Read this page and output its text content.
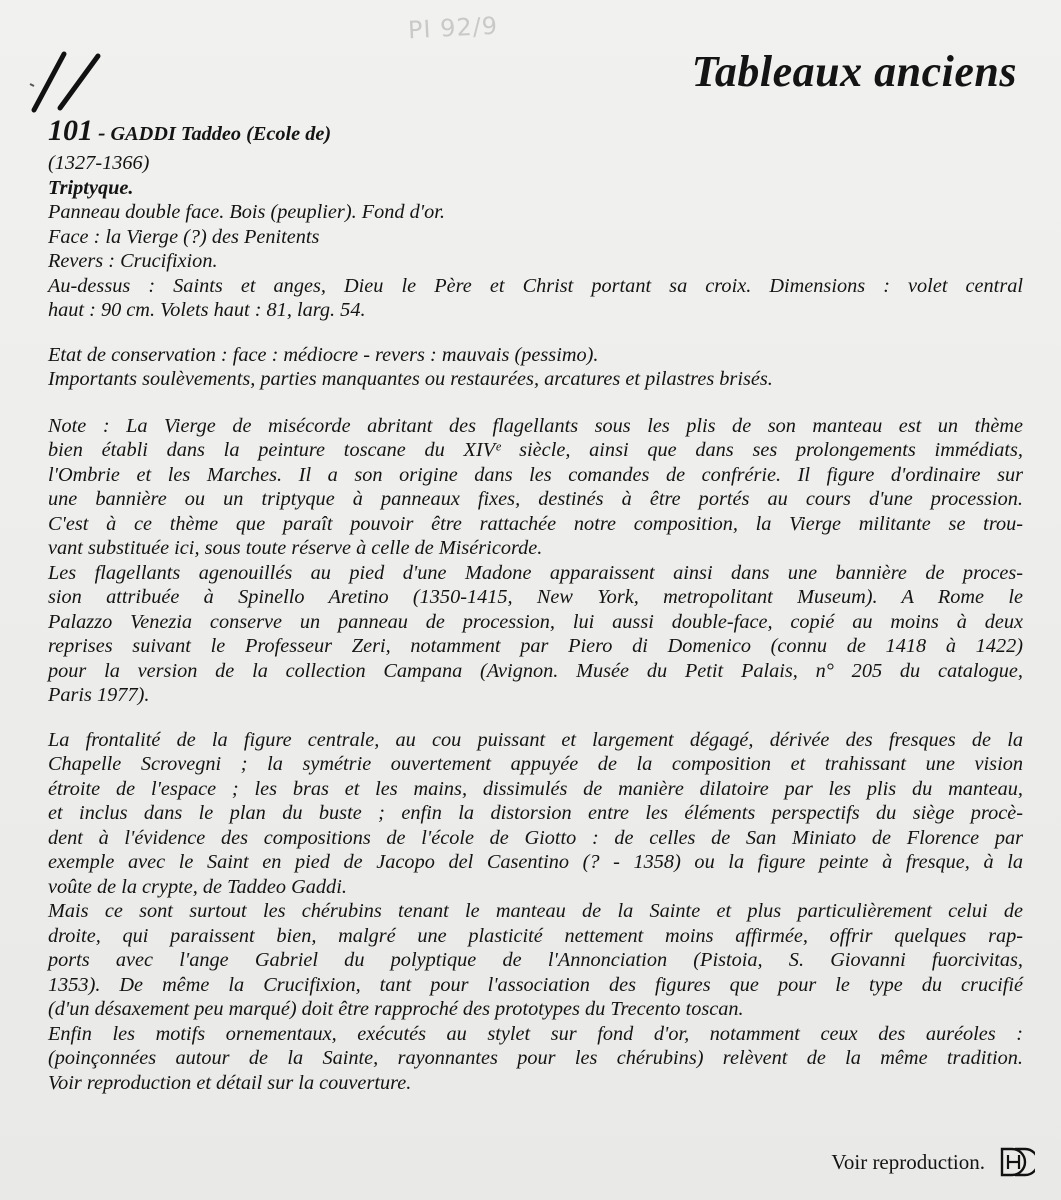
PI 92/9
Tableaux anciens
101 - GADDI Taddeo (Ecole de)
(1327-1366)
Triptyque.
Panneau double face. Bois (peuplier). Fond d'or.
Face : la Vierge (?) des Penitents
Revers : Crucifixion.
Au-dessus : Saints et anges, Dieu le Père et Christ portant sa croix. Dimensions : volet central
haut : 90 cm. Volets haut : 81, larg. 54.
Etat de conservation : face : médiocre - revers : mauvais (pessimo).
Importants soulèvements, parties manquantes ou restaurées, arcatures et pilastres brisés.
Note : La Vierge de misécorde abritant des flagellants sous les plis de son manteau est un thème
bien établi dans la peinture toscane du XIVᵉ siècle, ainsi que dans ses prolongements immédiats,
l'Ombrie et les Marches. Il a son origine dans les comandes de confrérie. Il figure d'ordinaire sur
une bannière ou un triptyque à panneaux fixes, destinés à être portés au cours d'une procession.
C'est à ce thème que paraît pouvoir être rattachée notre composition, la Vierge militante se trou-
vant substituée ici, sous toute réserve à celle de Miséricorde.
Les flagellants agenouillés au pied d'une Madone apparaissent ainsi dans une bannière de proces-
sion attribuée à Spinello Aretino (1350-1415, New York, metropolitant Museum). A Rome le
Palazzo Venezia conserve un panneau de procession, lui aussi double-face, copié au moins à deux
reprises suivant le Professeur Zeri, notamment par Piero di Domenico (connu de 1418 à 1422)
pour la version de la collection Campana (Avignon. Musée du Petit Palais, n° 205 du catalogue,
Paris 1977).
La frontalité de la figure centrale, au cou puissant et largement dégagé, dérivée des fresques de la
Chapelle Scrovegni ; la symétrie ouvertement appuyée de la composition et trahissant une vision
étroite de l'espace ; les bras et les mains, dissimulés de manière dilatoire par les plis du manteau,
et inclus dans le plan du buste ; enfin la distorsion entre les éléments perspectifs du siège procè-
dent à l'évidence des compositions de l'école de Giotto : de celles de San Miniato de Florence par
exemple avec le Saint en pied de Jacopo del Casentino (? - 1358) ou la figure peinte à fresque, à la
voûte de la crypte, de Taddeo Gaddi.
Mais ce sont surtout les chérubins tenant le manteau de la Sainte et plus particulièrement celui de
droite, qui paraissent bien, malgré une plasticité nettement moins affirmée, offrir quelques rap-
ports avec l'ange Gabriel du polyptique de l'Annonciation (Pistoia, S. Giovanni fuorcivitas,
1353). De même la Crucifixion, tant pour l'association des figures que pour le type du crucifié
(d'un désaxement peu marqué) doit être rapproché des prototypes du Trecento toscan.
Enfin les motifs ornementaux, exécutés au stylet sur fond d'or, notamment ceux des auréoles :
(poinçonnées autour de la Sainte, rayonnantes pour les chérubins) relèvent de la même tradition.
Voir reproduction et détail sur la couverture.
Voir reproduction.
